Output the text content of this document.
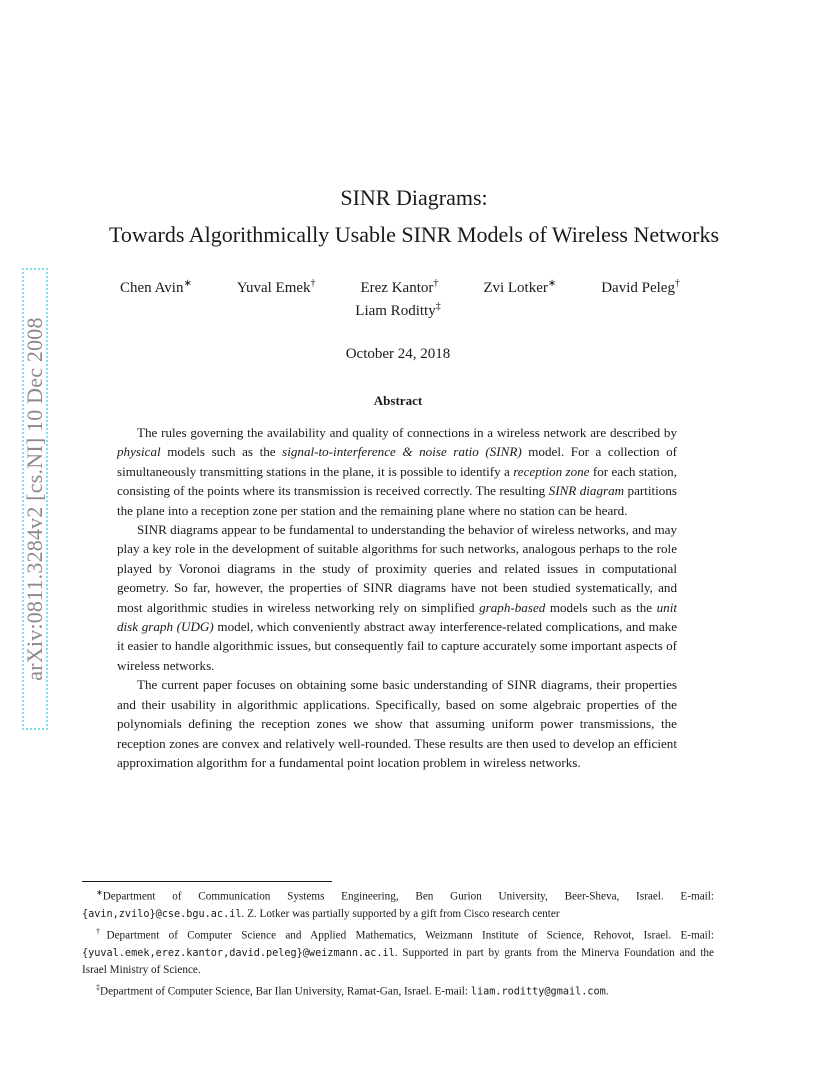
arXiv:0811.3284v2 [cs.NI] 10 Dec 2008
SINR Diagrams:
Towards Algorithmically Usable SINR Models of Wireless Networks
Chen Avin∗	Yuval Emek†	Erez Kantor†	Zvi Lotker∗	David Peleg†
Liam Roditty‡
October 24, 2018
Abstract

The rules governing the availability and quality of connections in a wireless network are described by physical models such as the signal-to-interference & noise ratio (SINR) model. For a collection of simultaneously transmitting stations in the plane, it is possible to identify a reception zone for each station, consisting of the points where its transmission is received correctly. The resulting SINR diagram partitions the plane into a reception zone per station and the remaining plane where no station can be heard.

SINR diagrams appear to be fundamental to understanding the behavior of wireless networks, and may play a key role in the development of suitable algorithms for such networks, analogous perhaps to the role played by Voronoi diagrams in the study of proximity queries and related issues in computational geometry. So far, however, the properties of SINR diagrams have not been studied systematically, and most algorithmic studies in wireless networking rely on simplified graph-based models such as the unit disk graph (UDG) model, which conveniently abstract away interference-related complications, and make it easier to handle algorithmic issues, but consequently fail to capture accurately some important aspects of wireless networks.

The current paper focuses on obtaining some basic understanding of SINR diagrams, their properties and their usability in algorithmic applications. Specifically, based on some algebraic properties of the polynomials defining the reception zones we show that assuming uniform power transmissions, the reception zones are convex and relatively well-rounded. These results are then used to develop an efficient approximation algorithm for a fundamental point location problem in wireless networks.

∗Department of Communication Systems Engineering, Ben Gurion University, Beer-Sheva, Israel. E-mail:{avin,zvilo}@cse.bgu.ac.il. Z. Lotker was partially supported by a gift from Cisco research center

†Department of Computer Science and Applied Mathematics, Weizmann Institute of Science, Rehovot, Israel. E-mail: {yuval.emek,erez.kantor,david.peleg}@weizmann.ac.il. Supported in part by grants from the Minerva Foundation and the Israel Ministry of Science.

‡Department of Computer Science, Bar Ilan University, Ramat-Gan, Israel. E-mail: liam.roditty@gmail.com.
